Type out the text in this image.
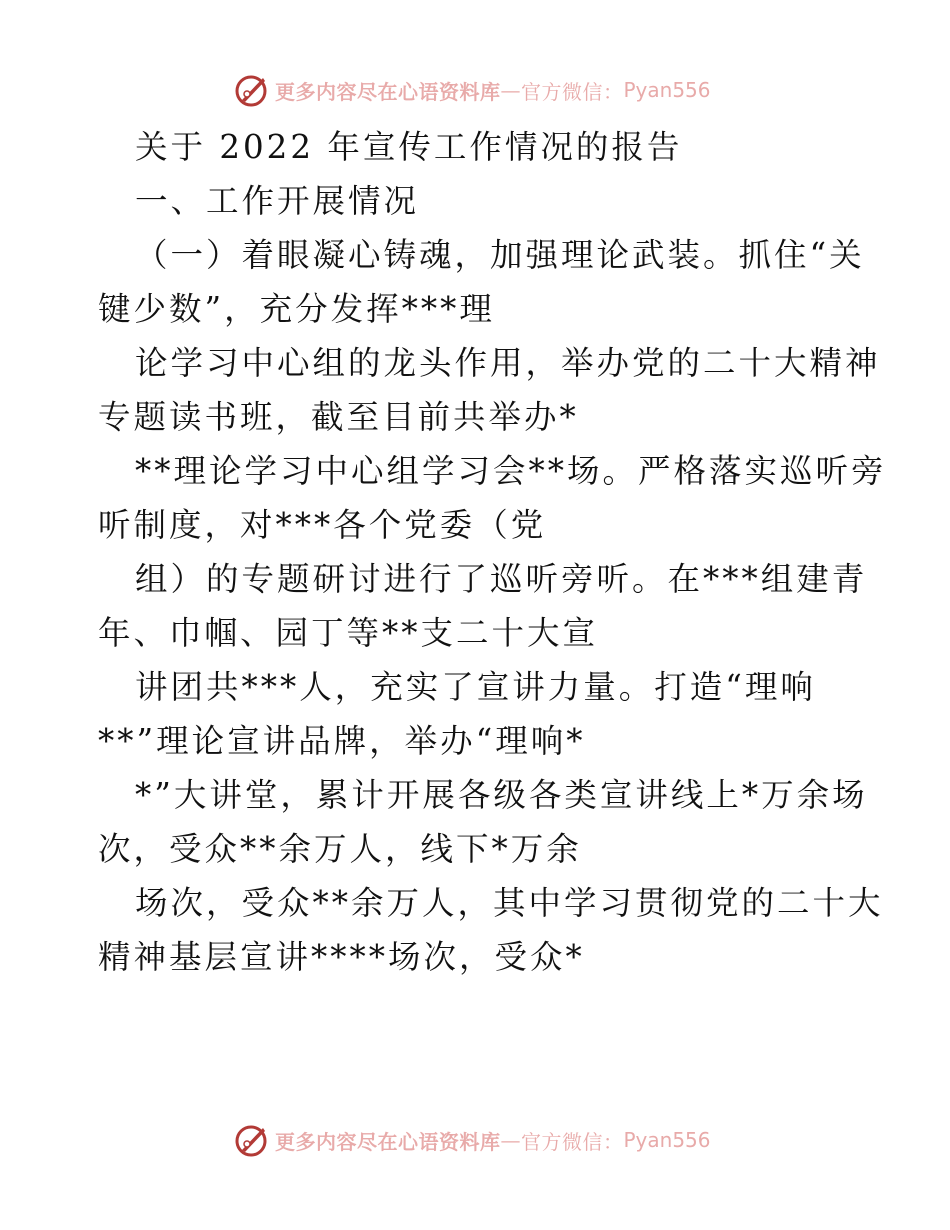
更多内容尽在心语资料库 — 官方微信： Pyan556
关于 2022 年宣传工作情况的报告
一、工作开展情况
（一）着眼凝心铸魂，加强理论武装。抓住“关
键少数”，充分发挥***理
论学习中心组的龙头作用，举办党的二十大精神
专题读书班，截至目前共举办*
**理论学习中心组学习会**场。严格落实巡听旁
听制度，对***各个党委（党
组）的专题研讨进行了巡听旁听。在***组建青
年、巾帼、园丁等**支二十大宣
讲团共***人，充实了宣讲力量。打造“理响
**”理论宣讲品牌，举办“理响*
*”大讲堂，累计开展各级各类宣讲线上*万余场
次，受众**余万人，线下*万余
场次，受众**余万人，其中学习贯彻党的二十大
精神基层宣讲****场次，受众*
更多内容尽在心语资料库 — 官方微信： Pyan556
